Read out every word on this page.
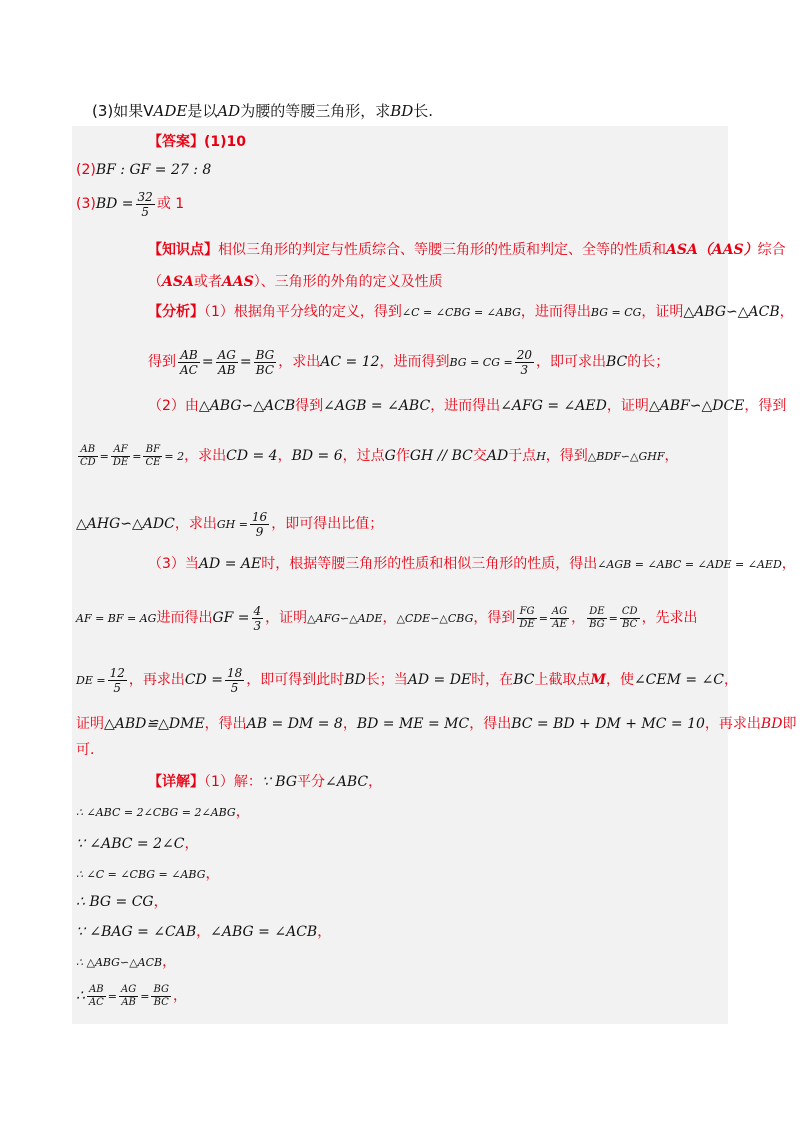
(3)如果VADE是以AD为腰的等腰三角形，求BD长.
【答案】(1)10
(2)BF : GF = 27 : 8
$(3)BD = \frac{32}{5}$ 或 1
【知识点】相似三角形的判定与性质综合、等腰三角形的性质和判定、全等的性质和ASA（AAS）综合
（ASA或者AAS）、三角形的外角的定义及性质
【分析】（1）根据角平分线的定义，得到∠C = ∠CBG = ∠ABG，进而得出BG = CG，证明△ABG∽△ACB，
得到 $\frac{AB}{AC} = \frac{AG}{AB} = \frac{BG}{BC}$ ，求出AC = 12，进而得到BG = CG = $\frac{20}{3}$ ，即可求出BC的长；
（2）由△ABG∽△ACB得到∠AGB = ∠ABC，进而得出∠AFG = ∠AED，证明△ABF∽△DCE，得到
$\frac{AB}{CD} = \frac{AF}{DE} = \frac{BF}{CE} = 2$，求出CD = 4，BD = 6，过点G作GH // BC交AD于点H，得到△BDF∽△GHF，
△AHG∽△ADC，求出GH = $\frac{16}{9}$ ，即可得出比值；
（3）当AD = AE时，根据等腰三角形的性质和相似三角形的性质，得出∠AGB = ∠ABC = ∠ADE = ∠AED，
AF = BF = AG进而得出GF = $\frac{4}{3}$ ，证明△AFG∽△ADE，△CDE∽△CBG，得到 $\frac{FG}{DE} = \frac{AG}{AE}$ ， $\frac{DE}{BG} = \frac{CD}{BC}$ ，先求出
DE = $\frac{12}{5}$ ，再求出CD = $\frac{18}{5}$ ，即可得到此时BD长；当AD = DE时，在BC上截取点M，使∠CEM = ∠C，
证明△ABD≌△DME，得出AB = DM = 8，BD = ME = MC，得出BC = BD + DM + MC = 10，再求出BD即
可.
【详解】（1）解：∵ BG平分∠ABC，
∴ ∠ABC = 2∠CBG = 2∠ABG，
∵ ∠ABC = 2∠C，
∴ ∠C = ∠CBG = ∠ABG，
∴ BG = CG，
∵ ∠BAG = ∠CAB，∠ABG = ∠ACB，
∴ △ABG∽△ACB，
∴ $\frac{AB}{AC} = \frac{AG}{AB} = \frac{BG}{BC}$ ，
